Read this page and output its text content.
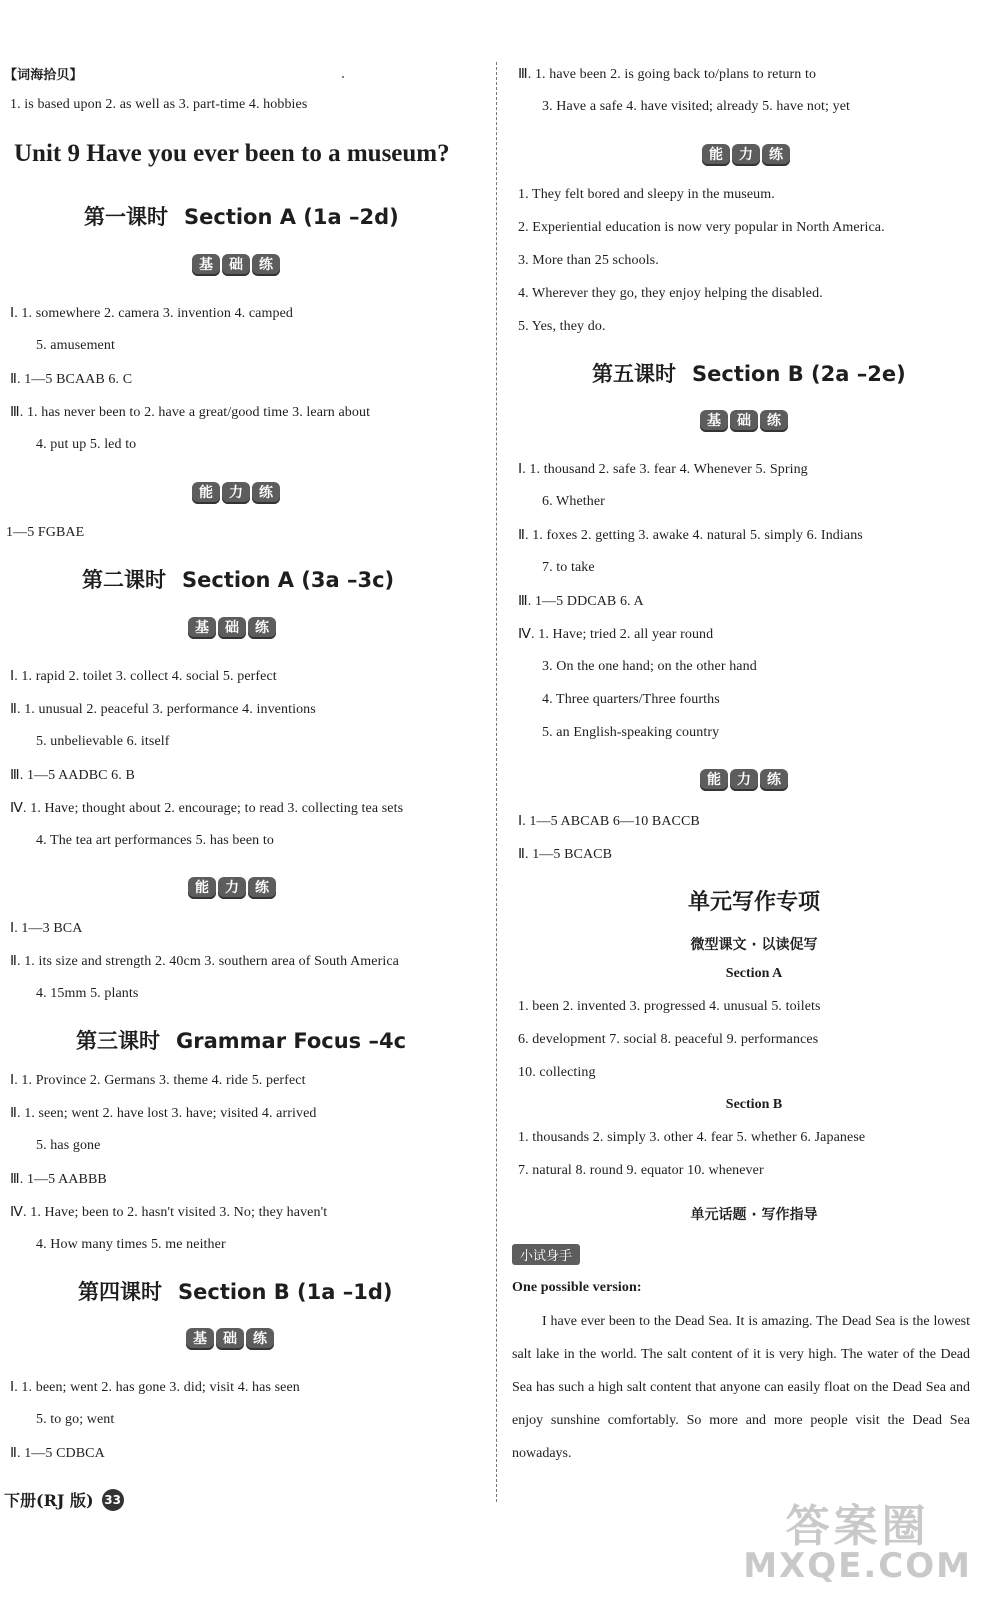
【词海拾贝】
1. is based upon 2. as well as 3. part-time 4. hobbies
Unit 9 Have you ever been to a museum?
第一课时 Section A (1a –2d)
基	础	练
Ⅰ. 1. somewhere 2. camera 3. invention 4. camped
5. amusement
Ⅱ. 1—5 BCAAB 6. C
Ⅲ. 1. has never been to 2. have a great/good time 3. learn about
4. put up 5. led to
能	力	练
1—5 FGBAE
第二课时 Section A (3a –3c)
基	础	练
Ⅰ. 1. rapid 2. toilet 3. collect 4. social 5. perfect
Ⅱ. 1. unusual 2. peaceful 3. performance 4. inventions
5. unbelievable 6. itself
Ⅲ. 1—5 AADBC 6. B
Ⅳ. 1. Have; thought about 2. encourage; to read 3. collecting tea sets
4. The tea art performances 5. has been to
能	力	练
Ⅰ. 1—3 BCA
Ⅱ. 1. its size and strength 2. 40cm 3. southern area of South America
4. 15mm 5. plants
第三课时 Grammar Focus –4c
Ⅰ. 1. Province 2. Germans 3. theme 4. ride 5. perfect
Ⅱ. 1. seen; went 2. have lost 3. have; visited 4. arrived
5. has gone
Ⅲ. 1—5 AABBB
Ⅳ. 1. Have; been to 2. hasn't visited 3. No; they haven't
4. How many times 5. me neither
第四课时 Section B (1a –1d)
基	础	练
Ⅰ. 1. been; went 2. has gone 3. did; visit 4. has seen
5. to go; went
Ⅱ. 1—5 CDBCA
下册(RJ 版) 33
Ⅲ. 1. have been 2. is going back to/plans to return to
3. Have a safe 4. have visited; already 5. have not; yet
能	力	练
1. They felt bored and sleepy in the museum.
2. Experiential education is now very popular in North America.
3. More than 25 schools.
4. Wherever they go, they enjoy helping the disabled.
5. Yes, they do.
第五课时 Section B (2a –2e)
基	础	练
Ⅰ. 1. thousand 2. safe 3. fear 4. Whenever 5. Spring
6. Whether
Ⅱ. 1. foxes 2. getting 3. awake 4. natural 5. simply 6. Indians
7. to take
Ⅲ. 1—5 DDCAB 6. A
Ⅳ. 1. Have; tried 2. all year round
3. On the one hand; on the other hand
4. Three quarters/Three fourths
5. an English-speaking country
能	力	练
Ⅰ. 1—5 ABCAB 6—10 BACCB
Ⅱ. 1—5 BCACB
单元写作专项
微型课文 · 以读促写
Section A
1. been 2. invented 3. progressed 4. unusual 5. toilets
6. development 7. social 8. peaceful 9. performances
10. collecting
Section B
1. thousands 2. simply 3. other 4. fear 5. whether 6. Japanese
7. natural 8. round 9. equator 10. whenever
单元话题 · 写作指导
小试身手
One possible version:
I have ever been to the Dead Sea. It is amazing. The Dead Sea is the lowest salt lake in the world. The salt content of it is very high. The water of the Dead Sea has such a high salt content that anyone can easily float on the Dead Sea and enjoy sunshine comfortably. So more and more people visit the Dead Sea nowadays.
答案圈
MXQE.COM
